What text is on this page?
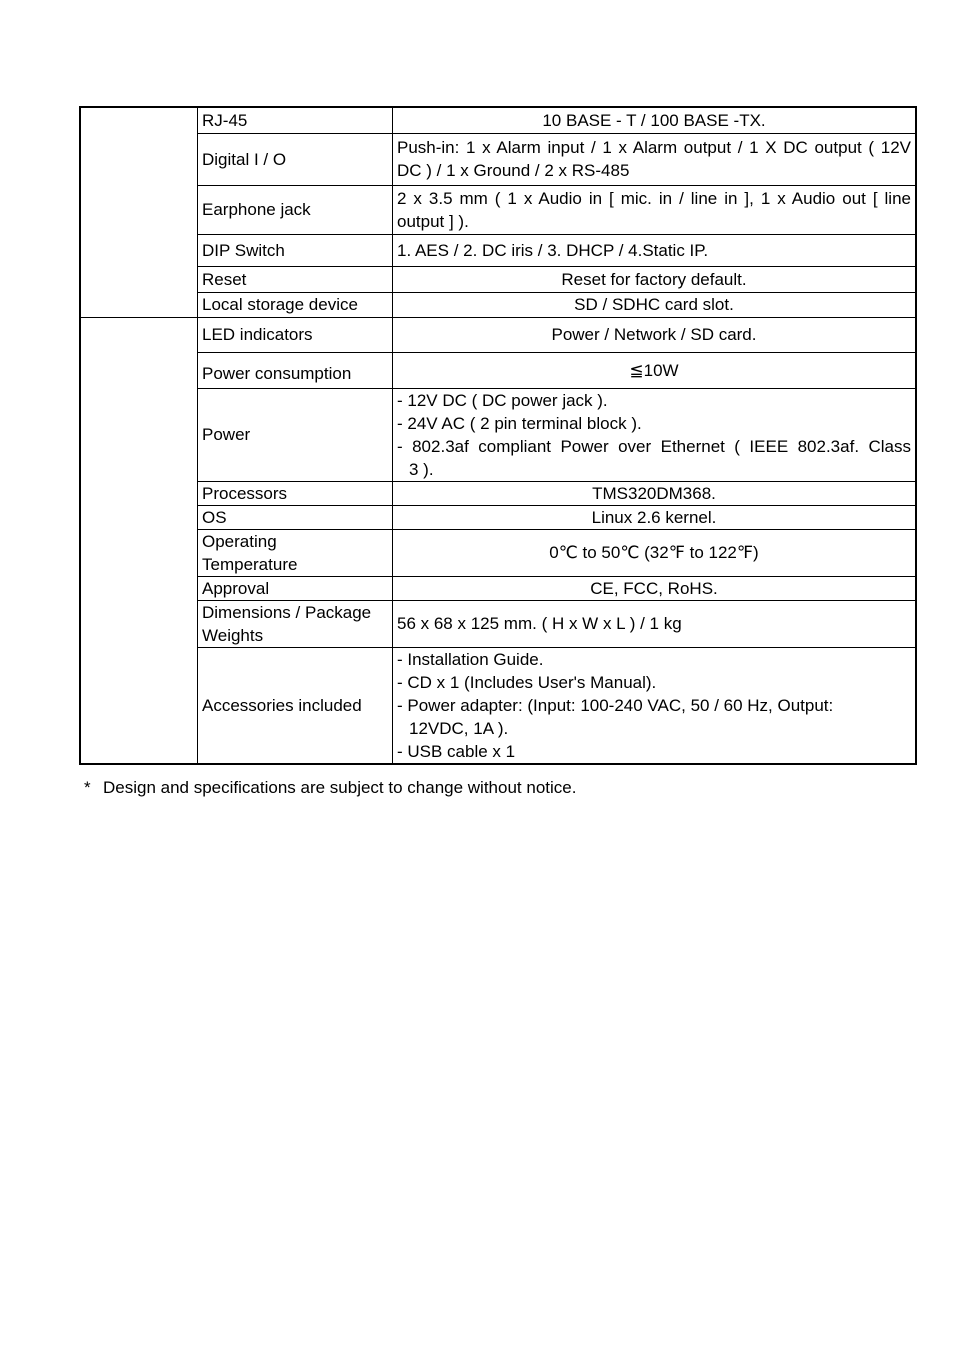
	RJ-45	10 BASE - T / 100 BASE -TX.
	Digital I / O	Push-in: 1 x Alarm input / 1 x Alarm output / 1 X DC output ( 12V
DC ) / 1 x Ground / 2 x RS-485

	Earphone jack	2 x 3.5 mm ( 1 x Audio in [ mic. in / line in ], 1 x Audio out [ line
output ] ).

	DIP Switch	1. AES / 2. DC iris / 3. DHCP / 4.Static IP.
	Reset	Reset for factory default.
	Local storage device	SD / SDHC card slot.
	LED indicators	Power / Network / SD card.
	Power consumption	≦10W
	Power	- 12V DC ( DC power jack ).
- 24V AC ( 2 pin terminal block ).
- 802.3af compliant Power over Ethernet ( IEEE 802.3af. Class
3 ).

	Processors	TMS320DM368.
	OS	Linux 2.6 kernel.

	Operating
Temperature	0℃ to 50℃ (32℉ to 122℉)
	Approval	CE, FCC, RoHS.

	Dimensions / Package
Weights	56 x 68 x 125 mm. ( H x W x L ) / 1 kg
	Accessories included	- Installation Guide.
- CD x 1 (Includes User's Manual).
- Power adapter: (Input: 100-240 VAC, 50 / 60 Hz, Output:
12VDC, 1A ).
- USB cable x 1
* Design and specifications are subject to change without notice.
